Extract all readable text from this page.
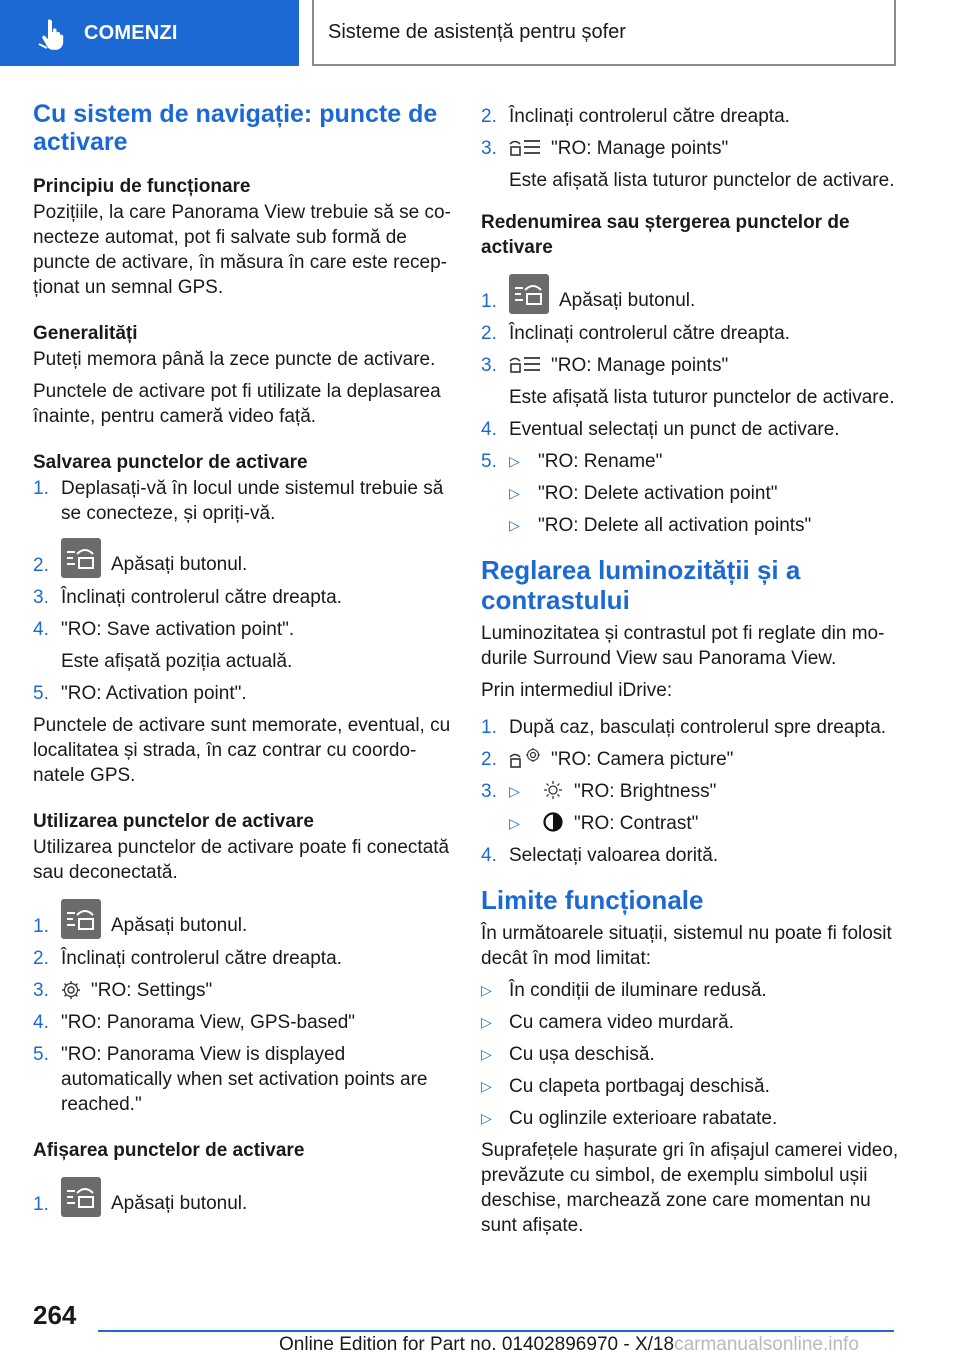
COMENZI	Sisteme de asistență pentru șofer
Cu sistem de navigație: puncte de activare
Principiu de funcționare

Pozițiile, la care Panorama View trebuie să se conecteze automat, pot fi salvate sub formă de puncte de activare, în măsura în care este recepționat un semnal GPS.

Generalități

Puteți memora până la zece puncte de activare.

Punctele de activare pot fi utilizate la deplasarea înainte, pentru cameră video față.

Salvarea punctelor de activare
1. Deplasați-vă în locul unde sistemul trebuie să se conecteze, și opriți-vă.
2.	Apăsați butonul.
3. Înclinați controlerul către dreapta.
4. "RO: Save activation point".
Este afișată poziția actuală.
5. "RO: Activation point".

Punctele de activare sunt memorate, eventual, cu localitatea și strada, în caz contrar cu coordonatele GPS.

Utilizarea punctelor de activare

Utilizarea punctelor de activare poate fi conectată sau deconectată.

1.	Apăsați butonul.
2. Înclinați controlerul către dreapta.
3.	"RO: Settings"
4. "RO: Panorama View, GPS-based"
5. "RO: Panorama View is displayed automatically when set activation points are reached."
Afișarea punctelor de activare
1.	Apăsați butonul.
2. Înclinați controlerul către dreapta.
3.	"RO: Manage points"
Este afișată lista tuturor punctelor de activare.
Redenumirea sau ștergerea punctelor de activare
1.	Apăsați butonul.
2. Înclinați controlerul către dreapta.
3.	"RO: Manage points"
Este afișată lista tuturor punctelor de activare.
4. Eventual selectați un punct de activare.
5. ▷ "RO: Rename"
▷ "RO: Delete activation point"
▷ "RO: Delete all activation points"
Reglarea luminozității și a contrastului

Luminozitatea și contrastul pot fi reglate din modurile Surround View sau Panorama View.

Prin intermediul iDrive:

1. După caz, basculați controlerul spre dreapta.
2.	"RO: Camera picture"
3. ▷	"RO: Brightness"
▷	"RO: Contrast"
4. Selectați valoarea dorită.
Limite funcționale

În următoarele situații, sistemul nu poate fi folosit decât în mod limitat:

▷ În condiții de iluminare redusă.
▷ Cu camera video murdară.
▷ Cu ușa deschisă.
▷ Cu clapeta portbagaj deschisă.
▷ Cu oglinzile exterioare rabatate.

Suprafețele hașurate gri în afișajul camerei video, prevăzute cu simbol, de exemplu simbolul ușii deschise, marchează zone care momentan nu sunt afișate.

264
Online Edition for Part no. 01402896970 - X/18carmanualsonline.info
